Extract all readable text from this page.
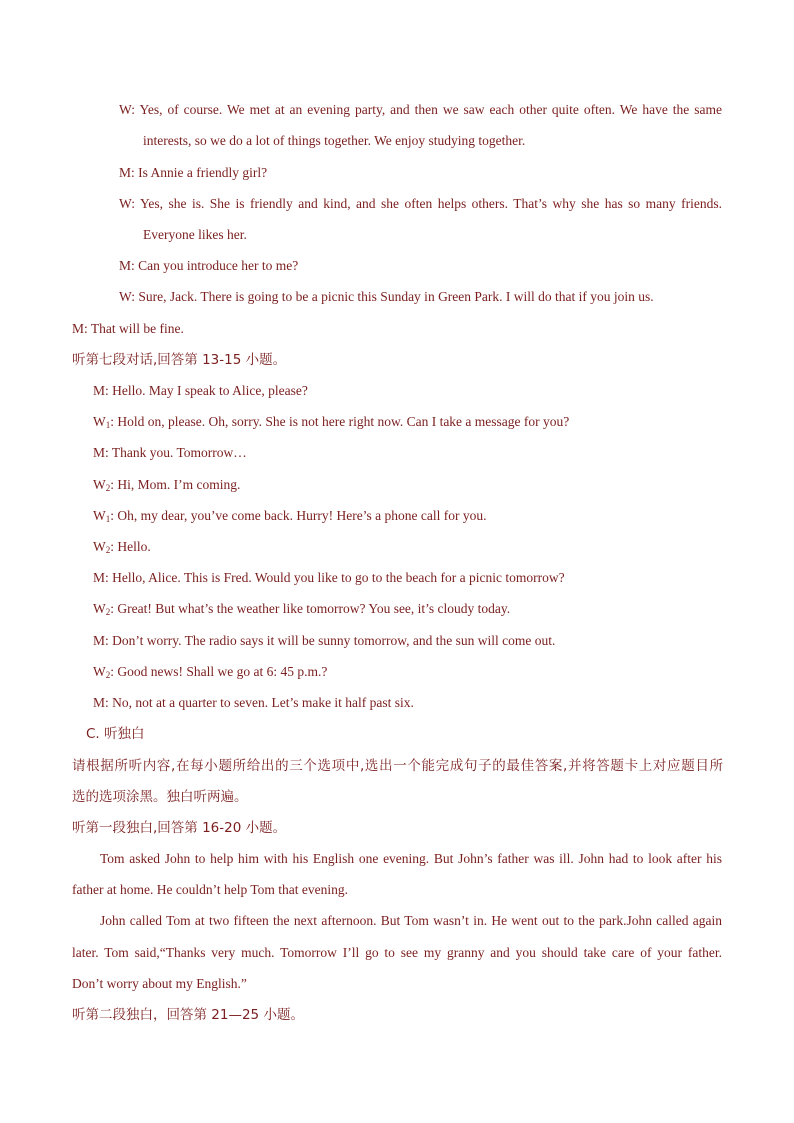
W: Yes, of course. We met at an evening party, and then we saw each other quite often. We have the same
interests, so we do a lot of things together. We enjoy studying together.
M: Is Annie a friendly girl?
W: Yes, she is. She is friendly and kind, and she often helps others. That’s why she has so many friends.
Everyone likes her.
M: Can you introduce her to me?
W: Sure, Jack. There is going to be a picnic this Sunday in Green Park. I will do that if you join us.
M: That will be fine.
听第七段对话,回答第 13-15 小题。
M: Hello. May I speak to Alice, please?
$W_1$: Hold on, please. Oh, sorry. She is not here right now. Can I take a message for you?
M: Thank you. Tomorrow…
$W_2$: Hi, Mom. I’m coming.
$W_1$: Oh, my dear, you’ve come back. Hurry! Here’s a phone call for you.
$W_2$: Hello.
M: Hello, Alice. This is Fred. Would you like to go to the beach for a picnic tomorrow?
$W_2$: Great! But what’s the weather like tomorrow? You see, it’s cloudy today.
M: Don’t worry. The radio says it will be sunny tomorrow, and the sun will come out.
$W_2$: Good news! Shall we go at 6: 45 p.m.?
M: No, not at a quarter to seven. Let’s make it half past six.
C. 听独白
请根据所听内容,在每小题所给出的三个选项中,选出一个能完成句子的最佳答案,并将答题卡上对应题目所
选的选项涂黑。独白听两遍。
听第一段独白,回答第 16-20 小题。
Tom asked John to help him with his English one evening. But John’s father was ill. John had to look after his
father at home. He couldn’t help Tom that evening.
John called Tom at two fifteen the next afternoon. But Tom wasn’t in. He went out to the park.John called again
later. Tom said,“Thanks very much. Tomorrow I’ll go to see my granny and you should take care of your father.
Don’t worry about my English.”
听第二段独白，回答第 21—25 小题。
